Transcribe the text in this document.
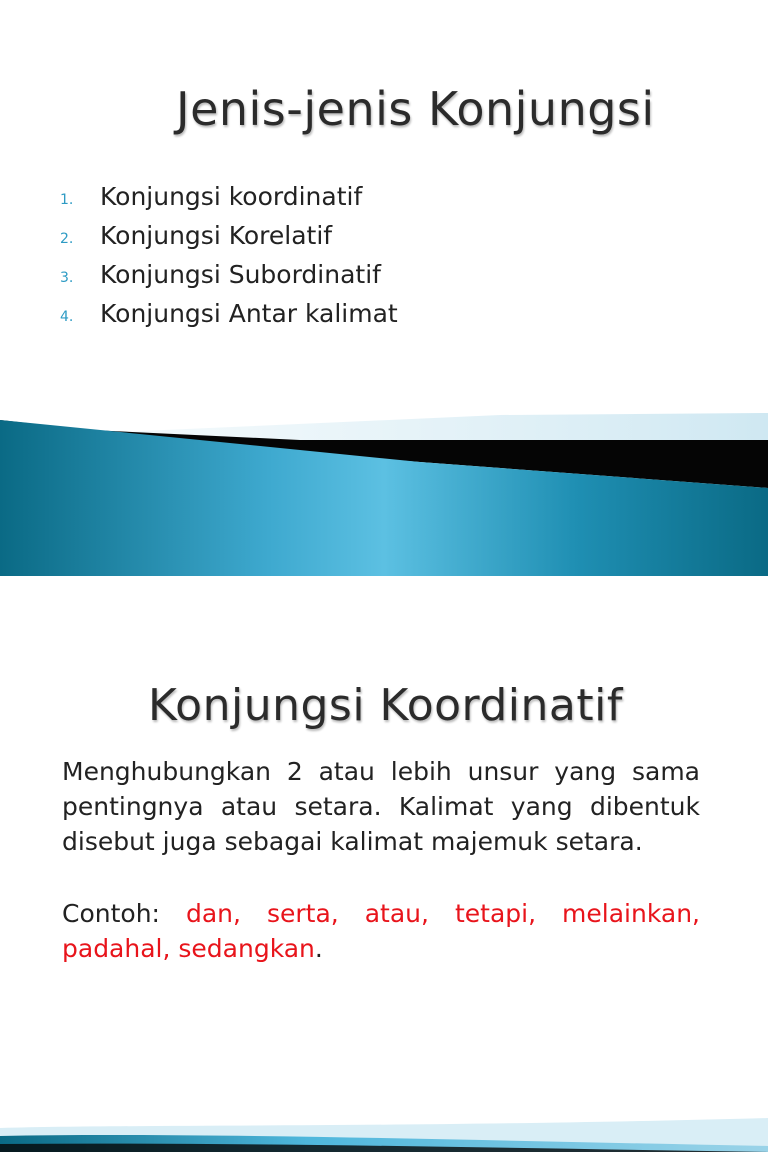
Jenis-jenis Konjungsi
1.	Konjungsi koordinatif
2.	Konjungsi Korelatif
3.	Konjungsi Subordinatif
4.	Konjungsi Antar kalimat
Konjungsi Koordinatif

Menghubungkan 2 atau lebih unsur yang sama pentingnya atau setara. Kalimat yang dibentuk disebut juga sebagai kalimat majemuk setara.

Contoh: dan, serta, atau, tetapi, melainkan, padahal, sedangkan.
